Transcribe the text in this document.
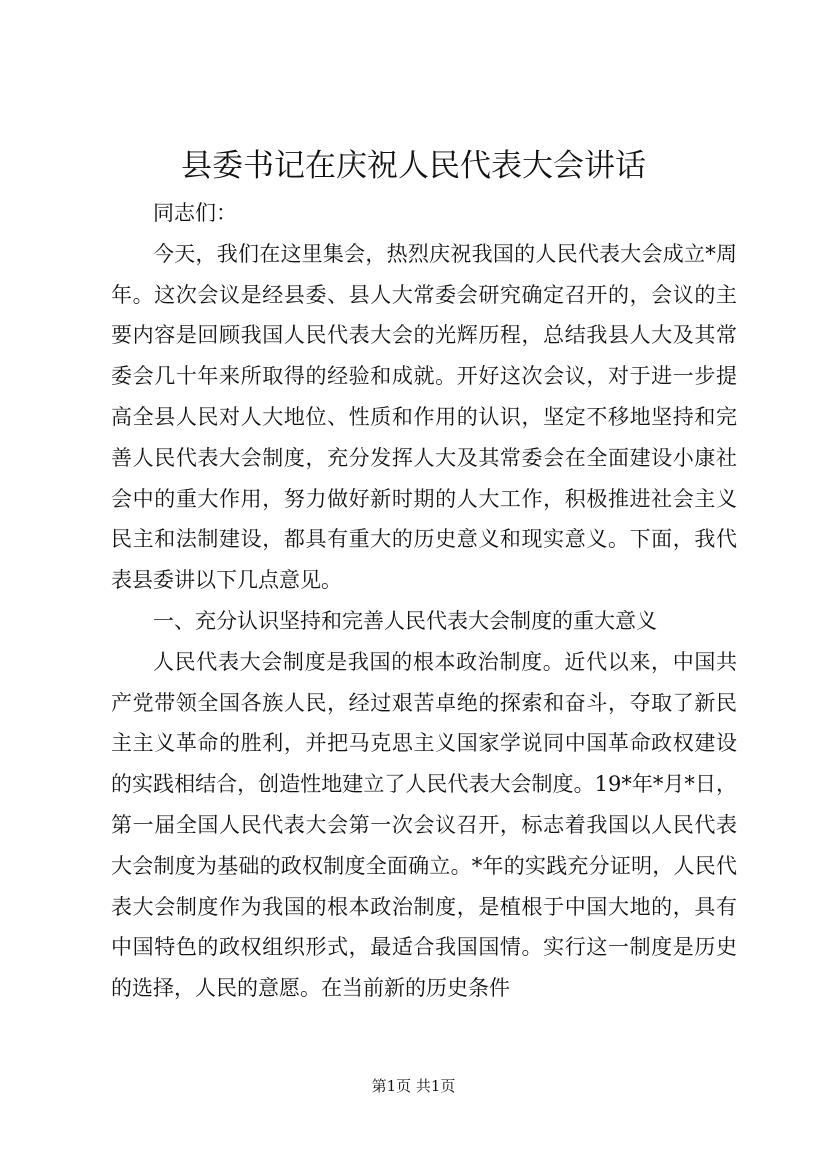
县委书记在庆祝人民代表大会讲话

同志们：

今天，我们在这里集会，热烈庆祝我国的人民代表大会成立*周年。这次会议是经县委、县人大常委会研究确定召开的，会议的主要内容是回顾我国人民代表大会的光辉历程，总结我县人大及其常委会几十年来所取得的经验和成就。开好这次会议，对于进一步提高全县人民对人大地位、性质和作用的认识，坚定不移地坚持和完善人民代表大会制度，充分发挥人大及其常委会在全面建设小康社会中的重大作用，努力做好新时期的人大工作，积极推进社会主义民主和法制建设，都具有重大的历史意义和现实意义。下面，我代表县委讲以下几点意见。

一、充分认识坚持和完善人民代表大会制度的重大意义

人民代表大会制度是我国的根本政治制度。近代以来，中国共产党带领全国各族人民，经过艰苦卓绝的探索和奋斗，夺取了新民主主义革命的胜利，并把马克思主义国家学说同中国革命政权建设的实践相结合，创造性地建立了人民代表大会制度。19*年*月*日，第一届全国人民代表大会第一次会议召开，标志着我国以人民代表大会制度为基础的政权制度全面确立。*年的实践充分证明，人民代表大会制度作为我国的根本政治制度，是植根于中国大地的，具有中国特色的政权组织形式，最适合我国国情。实行这一制度是历史的选择，人民的意愿。在当前新的历史条件

第1页 共1页
